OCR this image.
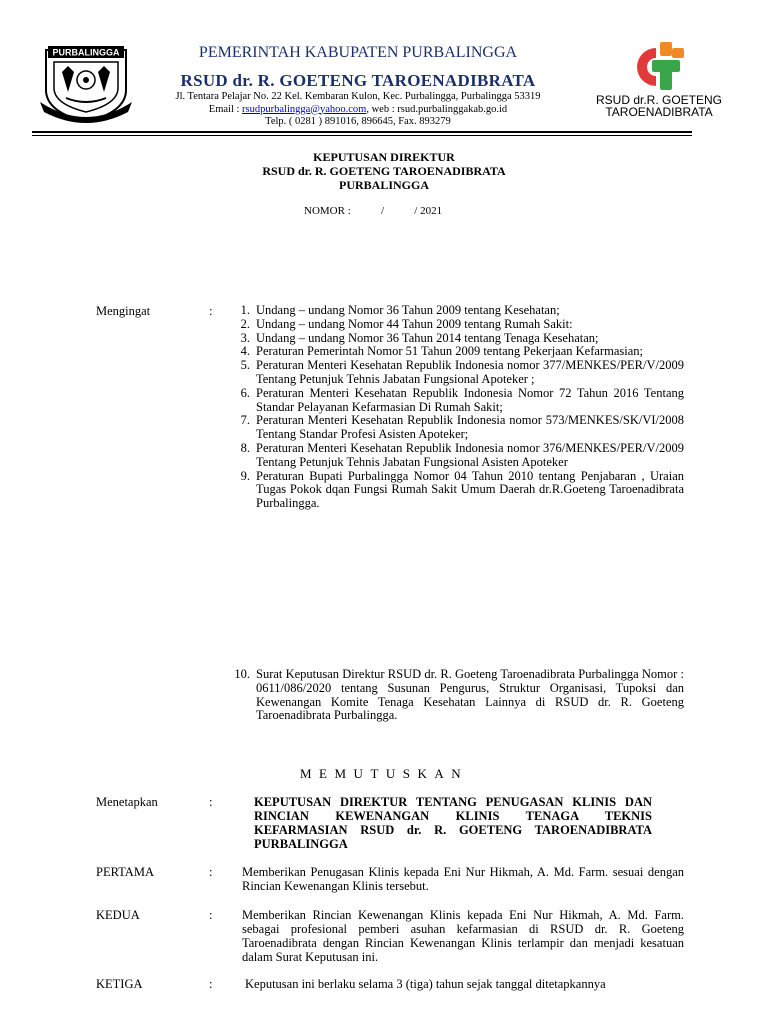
PURBALINGGA	PEMERINTAH KABUPATEN PURBALINGGA
RSUD dr. R. GOETENG TAROENADIBRATA
Jl. Tentara Pelajar No. 22 Kel. Kembaran Kulon, Kec. Purbalingga, Purbalingga 53319
Email : rsudpurbalingga@yahoo.com, web : rsud.purbalinggakab.go.id
Telp. ( 0281 ) 891016, 896645, Fax. 893279
RSUD dr.R. GOETENG
TAROENADIBRATA
KEPUTUSAN DIREKTUR
RSUD dr. R. GOETENG TAROENADIBRATA
PURBALINGGA
NOMOR :           /           / 2021
Mengingat	:	1. Undang – undang Nomor 36 Tahun 2009 tentang Kesehatan;
2. Undang – undang Nomor 44 Tahun 2009 tentang Rumah Sakit:
3. Undang – undang Nomor 36 Tahun 2014 tentang Tenaga Kesehatan;
4. Peraturan Pemerintah Nomor 51 Tahun 2009 tentang Pekerjaan Kefarmasian;
5. Peraturan Menteri Kesehatan Republik Indonesia nomor 377/MENKES/PER/V/2009 Tentang Petunjuk Tehnis Jabatan Fungsional Apoteker ;
6. Peraturan Menteri Kesehatan Republik Indonesia Nomor 72 Tahun 2016 Tentang Standar Pelayanan Kefarmasian Di Rumah Sakit;
7. Peraturan Menteri Kesehatan Republik Indonesia nomor 573/MENKES/SK/VI/2008 Tentang Standar Profesi Asisten Apoteker;
8. Peraturan Menteri Kesehatan Republik Indonesia nomor 376/MENKES/PER/V/2009 Tentang Petunjuk Tehnis Jabatan Fungsional Asisten Apoteker
9. Peraturan Bupati Purbalingga Nomor 04 Tahun 2010 tentang Penjabaran , Uraian Tugas Pokok dqan Fungsi Rumah Sakit Umum Daerah dr.R.Goeteng Taroenadibrata Purbalingga.
10. Surat Keputusan Direktur RSUD dr. R. Goeteng Taroenadibrata Purbalingga Nomor : 0611/086/2020 tentang Susunan Pengurus, Struktur Organisasi, Tupoksi dan Kewenangan Komite Tenaga Kesehatan Lainnya di RSUD dr. R. Goeteng Taroenadibrata Purbalingga.
MEMUTUSKAN
Menetapkan	:	KEPUTUSAN DIREKTUR TENTANG PENUGASAN KLINIS DAN RINCIAN KEWENANGAN KLINIS TENAGA TEKNIS KEFARMASIAN RSUD dr. R. GOETENG TAROENADIBRATA PURBALINGGA
PERTAMA	: Memberikan Penugasan Klinis kepada Eni Nur Hikmah, A. Md. Farm. sesuai dengan Rincian Kewenangan Klinis tersebut.
KEDUA	: Memberikan Rincian Kewenangan Klinis kepada Eni Nur Hikmah, A. Md. Farm. sebagai profesional pemberi asuhan kefarmasian di RSUD dr. R. Goeteng Taroenadibrata dengan Rincian Kewenangan Klinis terlampir dan menjadi kesatuan dalam Surat Keputusan ini.
KETIGA	:	Keputusan ini berlaku selama 3 (tiga) tahun sejak tanggal ditetapkannya
